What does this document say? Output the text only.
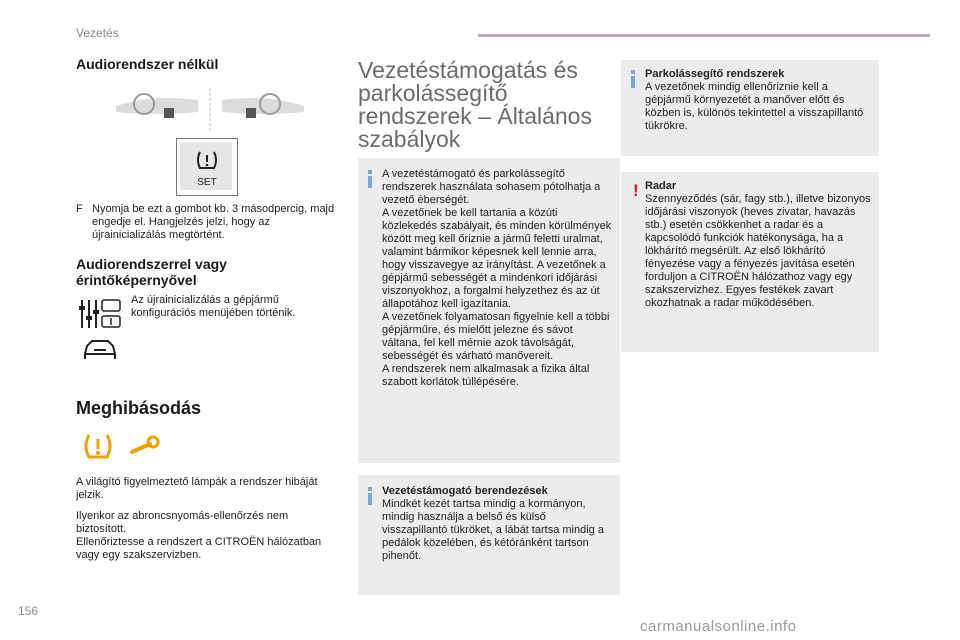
Vezetés
Audiorendszer nélkül
SET
F Nyomja be ezt a gombot kb. 3 másodpercig, majd engedje el. Hangjelzés jelzi, hogy az újrainicializálás megtörtént.
Audiorendszerrel vagy érintőképernyővel
Az újrainicializálás a gépjármű konfigurációs menüjében történik.
Meghibásodás
A világító figyelmeztető lámpák a rendszer hibáját jelzik.
Ilyenkor az abroncsnyomás-ellenőrzés nem biztosított.
Ellenőriztesse a rendszert a CITROËN hálózatban vagy egy szakszervizben.
Vezetéstámogatás és parkolássegítő rendszerek – Általános szabályok
A vezetéstámogató és parkolássegítő rendszerek használata sohasem pótolhatja a vezető éberségét.
A vezetőnek be kell tartania a közúti közlekedés szabályait, és minden körülmények között meg kell őriznie a jármű feletti uralmat, valamint bármikor képesnek kell lennie arra, hogy visszavegye az irányítást. A vezetőnek a gépjármű sebességét a mindenkori időjárási viszonyokhoz, a forgalmi helyzethez és az út állapotához kell igazítania.
A vezetőnek folyamatosan figyelnie kell a többi gépjárműre, és mielőtt jelezne és sávot váltana, fel kell mérnie azok távolságát, sebességét és várható manővereit.
A rendszerek nem alkalmasak a fizika által szabott korlátok túllépésére.
Vezetéstámogató berendezések
Mindkét kezét tartsa mindig a kormányon, mindig használja a belső és külső visszapillantó tükröket, a lábát tartsa mindig a pedálok közelében, és kétóránként tartson pihenőt.
Parkolássegítő rendszerek
A vezetőnek mindig ellenőriznie kell a gépjármű környezetét a manőver előtt és közben is, különös tekintettel a visszapillantó tükrökre.
! Radar
Szennyeződés (sár, fagy stb.), illetve bizonyos időjárási viszonyok (heves zivatar, havazás stb.) esetén csökkenhet a radar és a kapcsolódó funkciók hatékonysága, ha a lökhárító megsérült. Az első lökhárító fényezése vagy a fényezés javítása esetén forduljon a CITROËN hálózathoz vagy egy szakszervizhez. Egyes festékek zavart okozhatnak a radar működésében.
156
carmanualsonline.info
